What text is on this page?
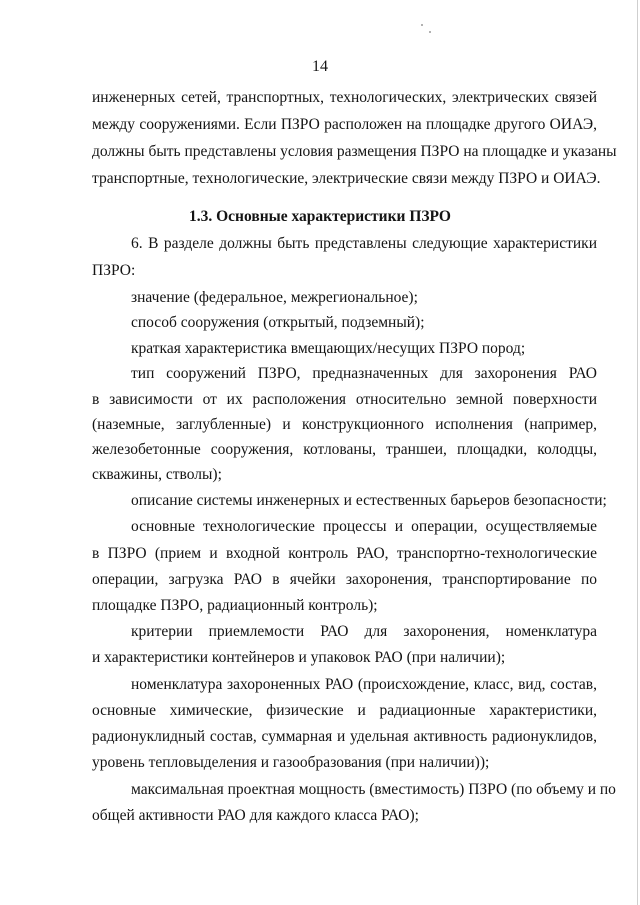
14
инженерных сетей, транспортных, технологических, электрических связей
между сооружениями. Если ПЗРО расположен на площадке другого ОИАЭ,
должны быть представлены условия размещения ПЗРО на площадке и указаны
транспортные, технологические, электрические связи между ПЗРО и ОИАЭ.
1.3. Основные характеристики ПЗРО
6. В разделе должны быть представлены следующие характеристики
ПЗРО:
значение (федеральное, межрегиональное);
способ сооружения (открытый, подземный);
краткая характеристика вмещающих/несущих ПЗРО пород;
тип сооружений ПЗРО, предназначенных для захоронения РАО
в зависимости от их расположения относительно земной поверхности
(наземные, заглубленные) и конструкционного исполнения (например,
железобетонные сооружения, котлованы, траншеи, площадки, колодцы,
скважины, стволы);
описание системы инженерных и естественных барьеров безопасности;
основные технологические процессы и операции, осуществляемые
в ПЗРО (прием и входной контроль РАО, транспортно-технологические
операции, загрузка РАО в ячейки захоронения, транспортирование по
площадке ПЗРО, радиационный контроль);
критерии приемлемости РАО для захоронения, номенклатура
и характеристики контейнеров и упаковок РАО (при наличии);
номенклатура захороненных РАО (происхождение, класс, вид, состав,
основные химические, физические и радиационные характеристики,
радионуклидный состав, суммарная и удельная активность радионуклидов,
уровень тепловыделения и газообразования (при наличии));
максимальная проектная мощность (вместимость) ПЗРО (по объему и по
общей активности РАО для каждого класса РАО);
